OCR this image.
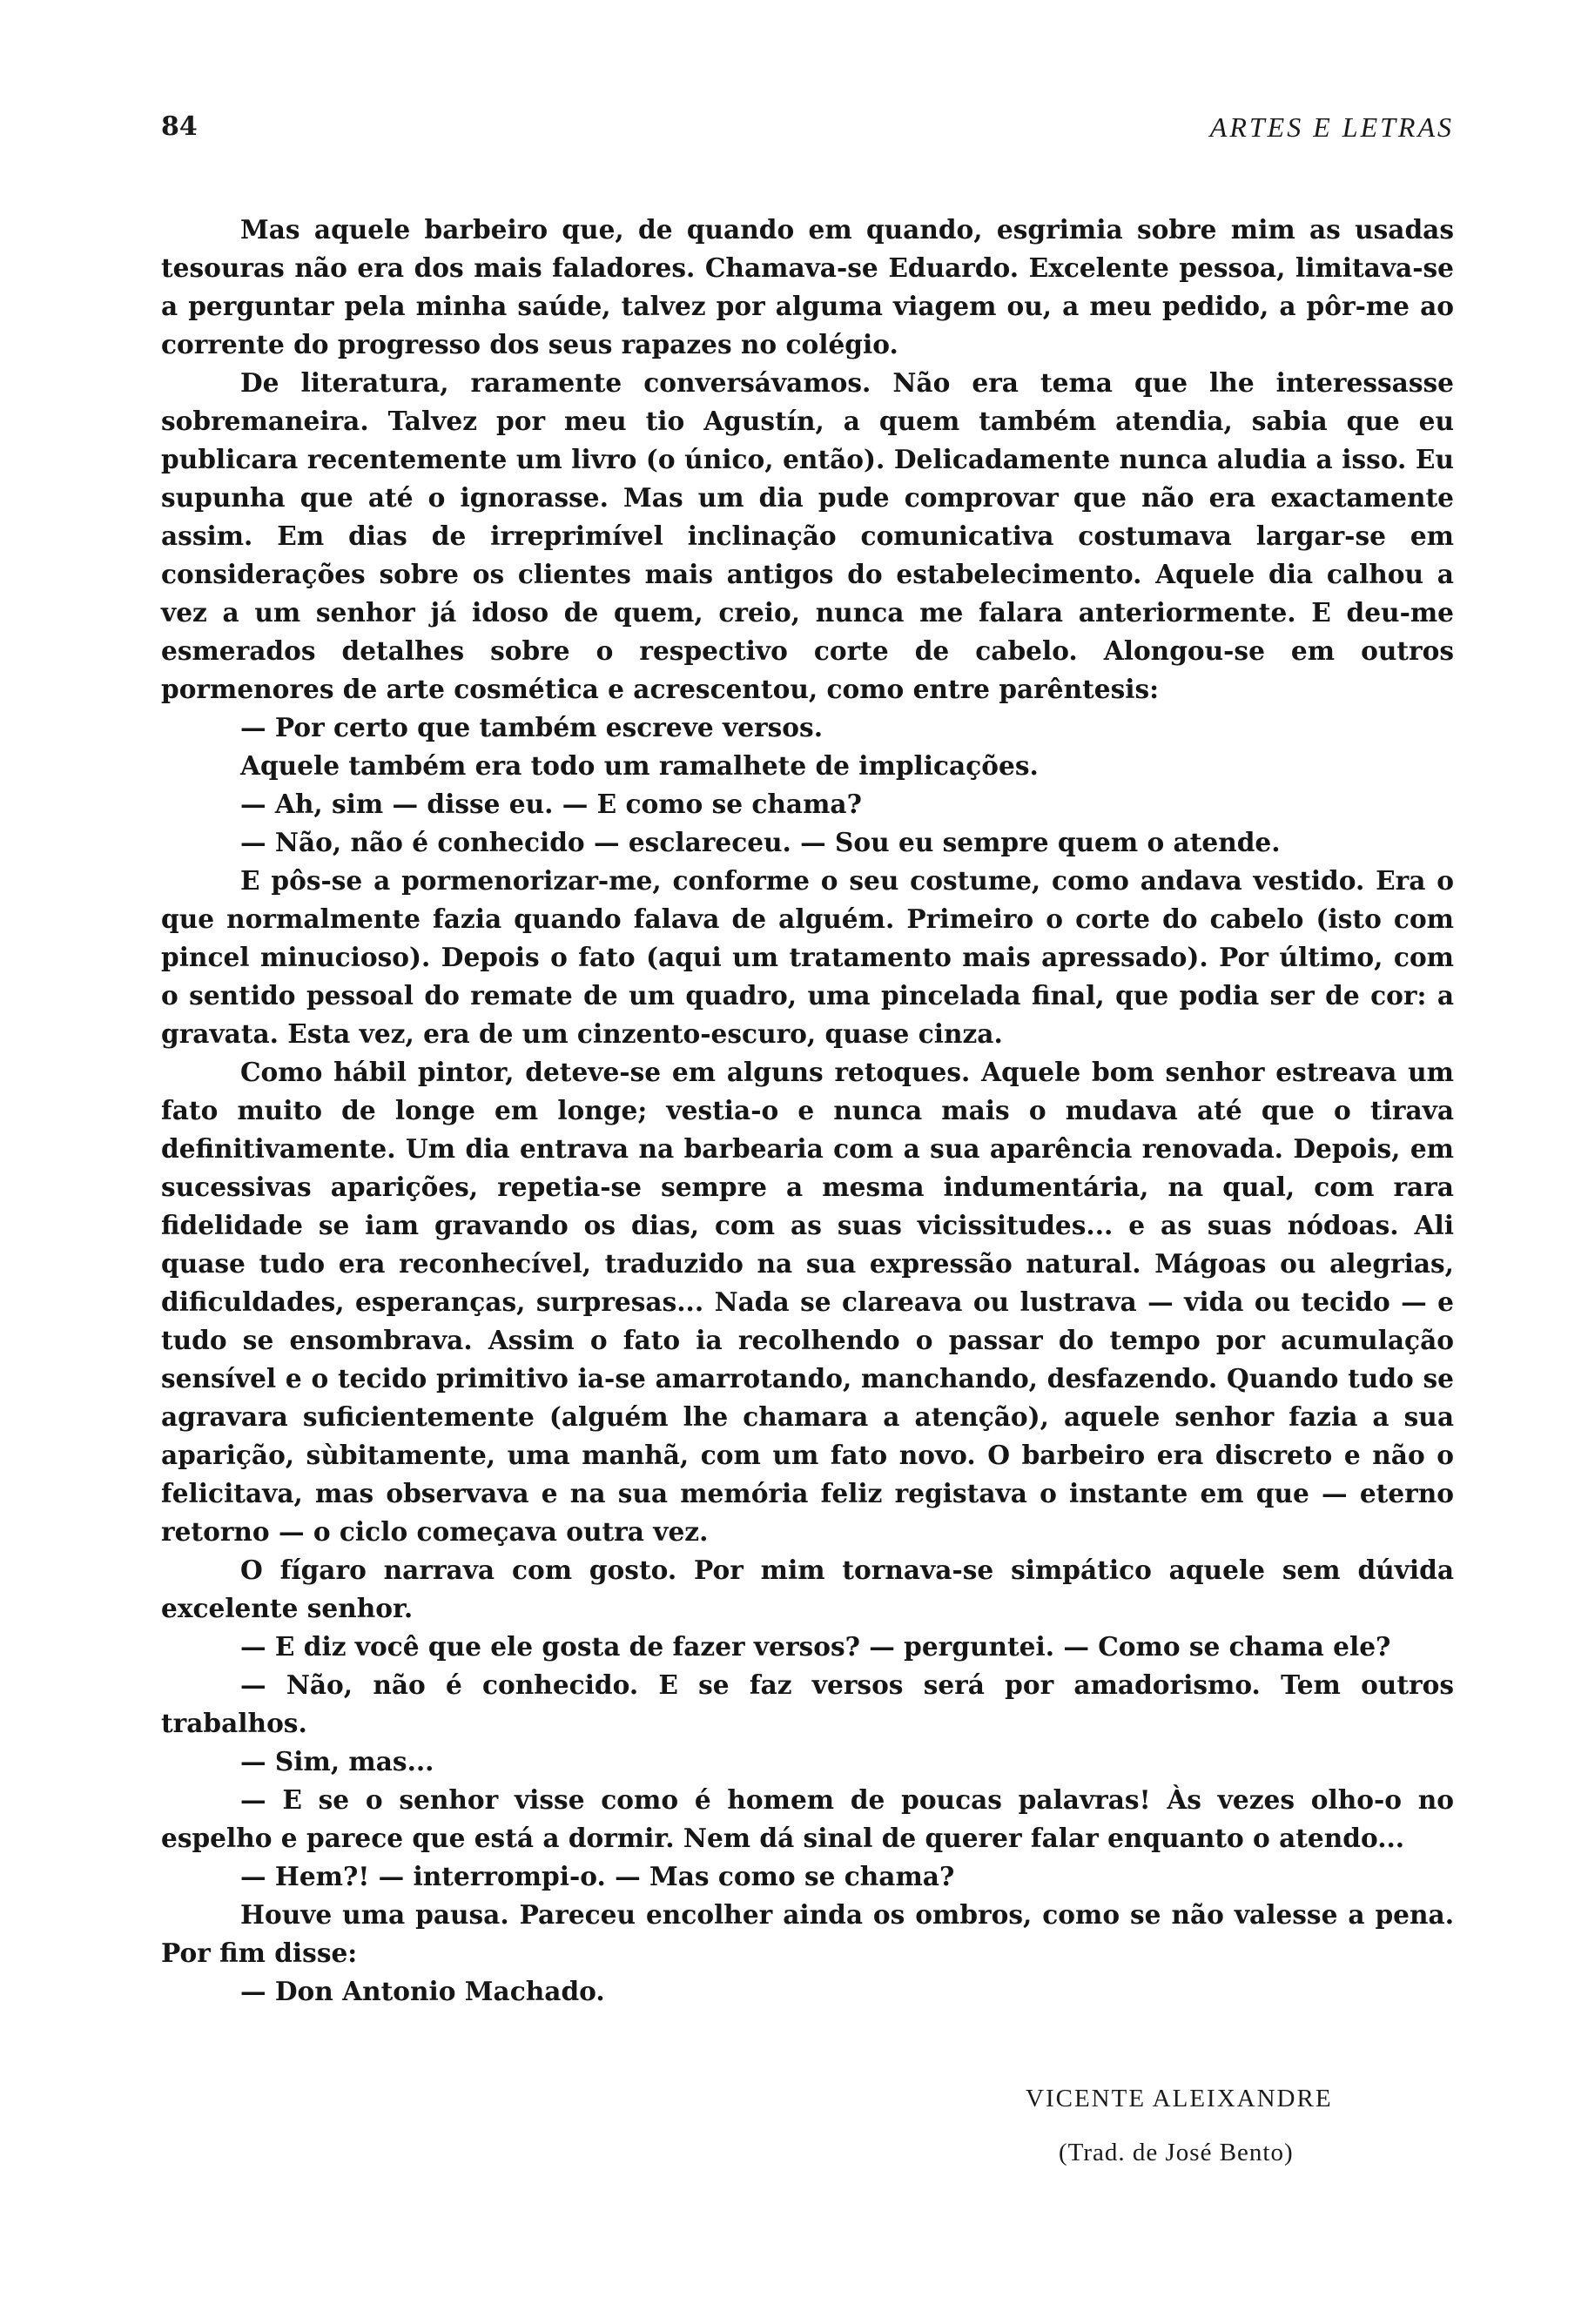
84	ARTES E LETRAS

Mas aquele barbeiro que, de quando em quando, esgrimia sobre mim as usadas tesouras não era dos mais faladores. Chamava-se Eduardo. Excelente pessoa, limitava-se a perguntar pela minha saúde, talvez por alguma viagem ou, a meu pedido, a pôr-me ao corrente do progresso dos seus rapazes no colégio.

De literatura, raramente conversávamos. Não era tema que lhe interessasse sobremaneira. Talvez por meu tio Agustín, a quem também atendia, sabia que eu publicara recentemente um livro (o único, então). Delicadamente nunca aludia a isso. Eu supunha que até o ignorasse. Mas um dia pude comprovar que não era exactamente assim. Em dias de irreprimível inclinação comunicativa costumava largar-se em considerações sobre os clientes mais antigos do estabelecimento. Aquele dia calhou a vez a um senhor já idoso de quem, creio, nunca me falara anteriormente. E deu-me esmerados detalhes sobre o respectivo corte de cabelo. Alongou-se em outros pormenores de arte cosmética e acrescentou, como entre parêntesis:

— Por certo que também escreve versos.

Aquele também era todo um ramalhete de implicações.

— Ah, sim — disse eu. — E como se chama?

— Não, não é conhecido — esclareceu. — Sou eu sempre quem o atende.

E pôs-se a pormenorizar-me, conforme o seu costume, como andava vestido. Era o que normalmente fazia quando falava de alguém. Primeiro o corte do cabelo (isto com pincel minucioso). Depois o fato (aqui um tratamento mais apressado). Por último, com o sentido pessoal do remate de um quadro, uma pincelada final, que podia ser de cor: a gravata. Esta vez, era de um cinzento-escuro, quase cinza.

Como hábil pintor, deteve-se em alguns retoques. Aquele bom senhor estreava um fato muito de longe em longe; vestia-o e nunca mais o mudava até que o tirava definitivamente. Um dia entrava na barbearia com a sua aparência renovada. Depois, em sucessivas aparições, repetia-se sempre a mesma indumentária, na qual, com rara fidelidade se iam gravando os dias, com as suas vicissitudes... e as suas nódoas. Ali quase tudo era reconhecível, traduzido na sua expressão natural. Mágoas ou alegrias, dificuldades, esperanças, surpresas... Nada se clareava ou lustrava — vida ou tecido — e tudo se ensombrava. Assim o fato ia recolhendo o passar do tempo por acumulação sensível e o tecido primitivo ia-se amarrotando, manchando, desfazendo. Quando tudo se agravara suficientemente (alguém lhe chamara a atenção), aquele senhor fazia a sua aparição, sùbitamente, uma manhã, com um fato novo. O barbeiro era discreto e não o felicitava, mas observava e na sua memória feliz registava o instante em que — eterno retorno — o ciclo começava outra vez.

O fígaro narrava com gosto. Por mim tornava-se simpático aquele sem dúvida excelente senhor.

— E diz você que ele gosta de fazer versos? — perguntei. — Como se chama ele?

— Não, não é conhecido. E se faz versos será por amadorismo. Tem outros trabalhos.

— Sim, mas...

— E se o senhor visse como é homem de poucas palavras! Às vezes olho-o no espelho e parece que está a dormir. Nem dá sinal de querer falar enquanto o atendo...

— Hem?! — interrompi-o. — Mas como se chama?

Houve uma pausa. Pareceu encolher ainda os ombros, como se não valesse a pena. Por fim disse:

— Don Antonio Machado.

VICENTE ALEIXANDRE
(Trad. de José Bento)
